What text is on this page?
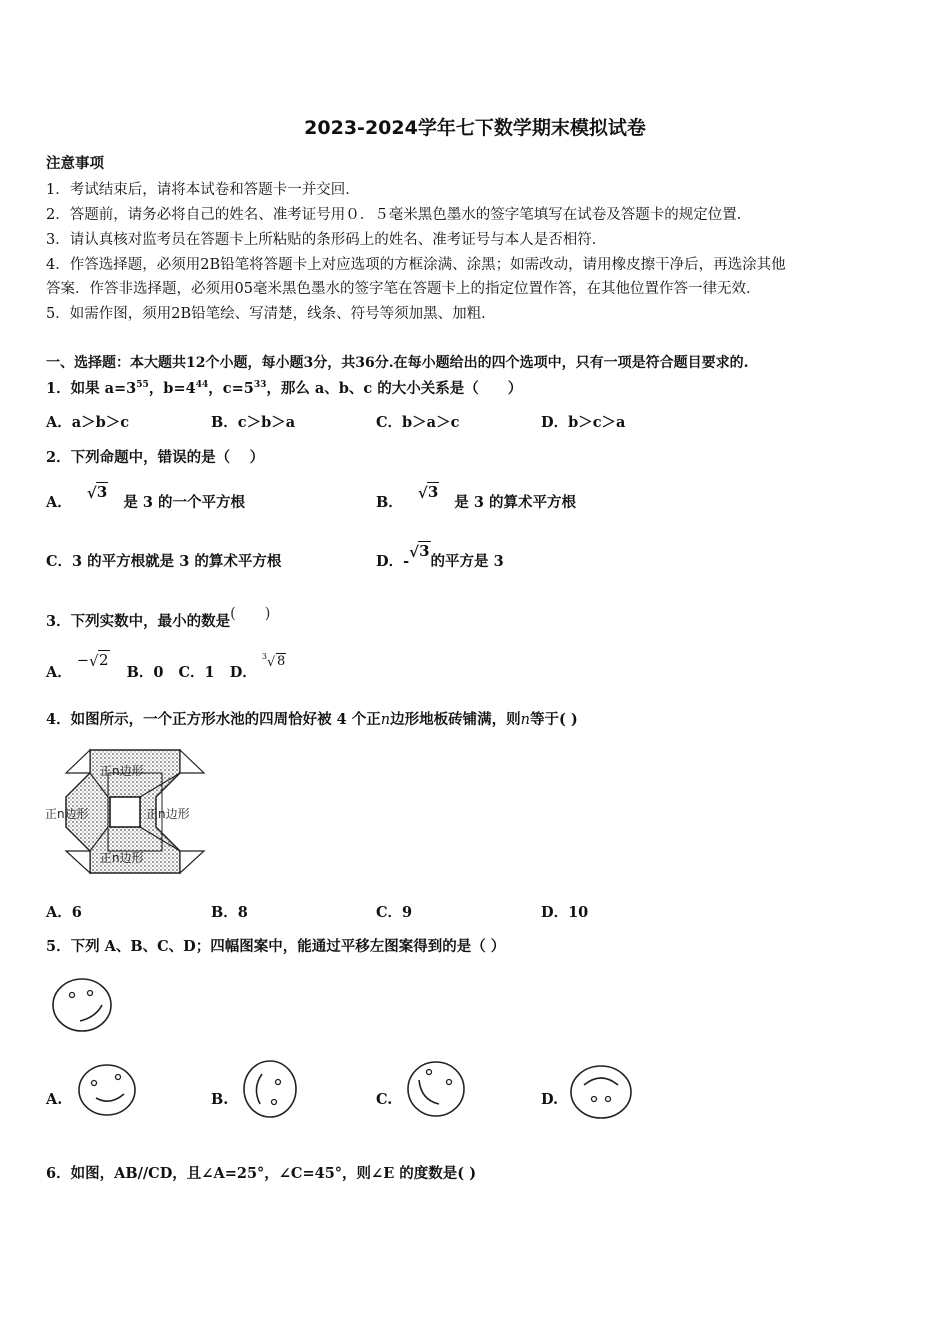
2023-2024学年七下数学期末模拟试卷
注意事项
1．考试结束后，请将本试卷和答题卡一并交回．
2．答题前，请务必将自己的姓名、准考证号用０．５毫米黑色墨水的签字笔填写在试卷及答题卡的规定位置．
3．请认真核对监考员在答题卡上所粘贴的条形码上的姓名、准考证号与本人是否相符．
4．作答选择题，必须用2B铅笔将答题卡上对应选项的方框涂满、涂黑；如需改动，请用橡皮擦干净后，再选涂其他
答案．作答非选择题，必须用05毫米黑色墨水的签字笔在答题卡上的指定位置作答，在其他位置作答一律无效．
5．如需作图，须用2B铅笔绘、写清楚，线条、符号等须加黑、加粗．
一、选择题：本大题共12个小题，每小题3分，共36分.在每小题给出的四个选项中，只有一项是符合题目要求的.
1．如果 $a=3^{55}$，$b=4^{44}$，$c=5^{33}$，那么 a、b、c 的大小关系是（　　）
A．a＞b＞c	B．c＞b＞a	C．b＞a＞c	D．b＞c＞a
2．下列命题中，错误的是（　 ）
A．
√ 3 是 3 的一个平方根	B．
√ 3 是 3 的算术平方根
C．3 的平方根就是 3 的算术平方根	D．-
√ 3的平方是 3
3．下列实数中，最小的数是(　　)
A． − √ 2 B．0 C．1 D． $^3$ √ 8
4．如图所示，一个正方形水池的四周恰好被 4 个正n边形地板砖铺满，则n等于( )
正n边形
正n边形	正n边形
正n边形
A．6	B．8	C．9	D．10
5．下列 A、B、C、D；四幅图案中，能通过平移左图案得到的是（ ）
A.	B.	C.	D.
6．如图，AB//CD，且∠A=25°，∠C=45°，则∠E 的度数是( )
